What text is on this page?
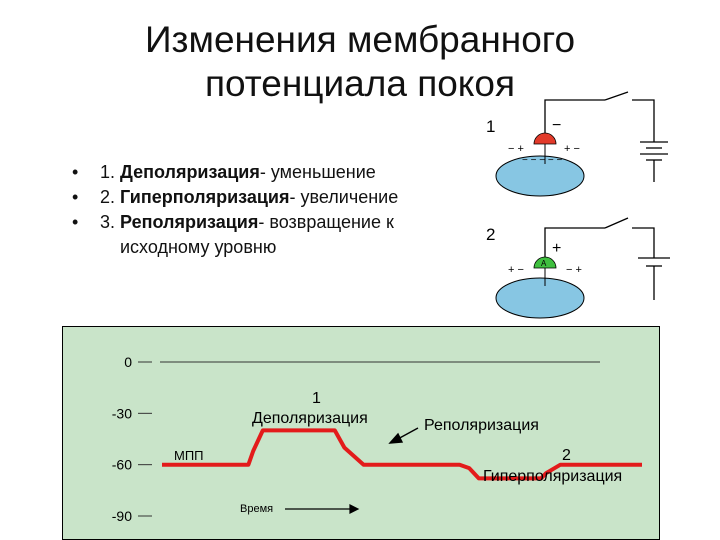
Изменения мембранного
потенциала покоя
• 1. Деполяризация- уменьшение
• 2. Гиперполяризация- увеличение
• 3. Реполяризация- возвращение к
исходному уровню
1	−
− +	+ −
− − − − −
A
2
+
+ −	− +
0
-30
-60
-90
МПП
1
Деполяризация	Реполяризация
2
Гиперполяризация
Время
